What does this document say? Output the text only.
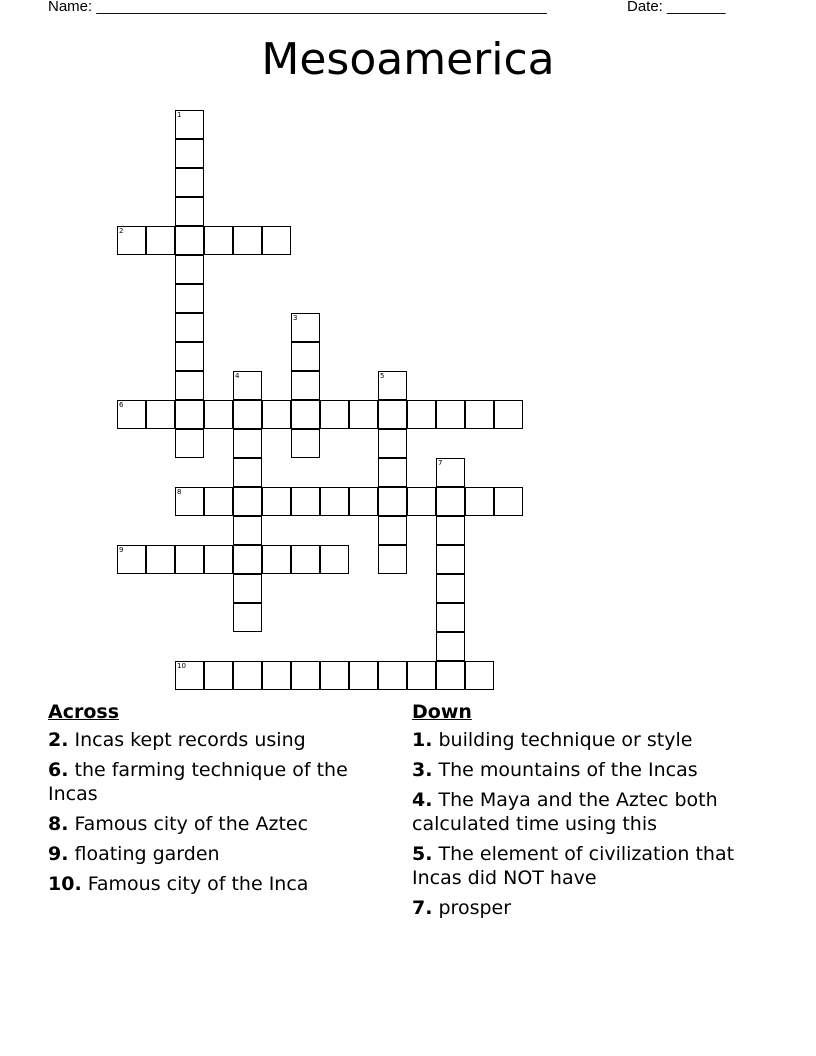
Name: ______________________________________________________	Date: _______
Mesoamerica
1
2
3
4	5
6
7
8
9
10
Across
2. Incas kept records using
6. the farming technique of the Incas
8. Famous city of the Aztec
9. floating garden
10. Famous city of the Inca
Down
1. building technique or style
3. The mountains of the Incas
4. The Maya and the Aztec both calculated time using this
5. The element of civilization that Incas did NOT have
7. prosper
